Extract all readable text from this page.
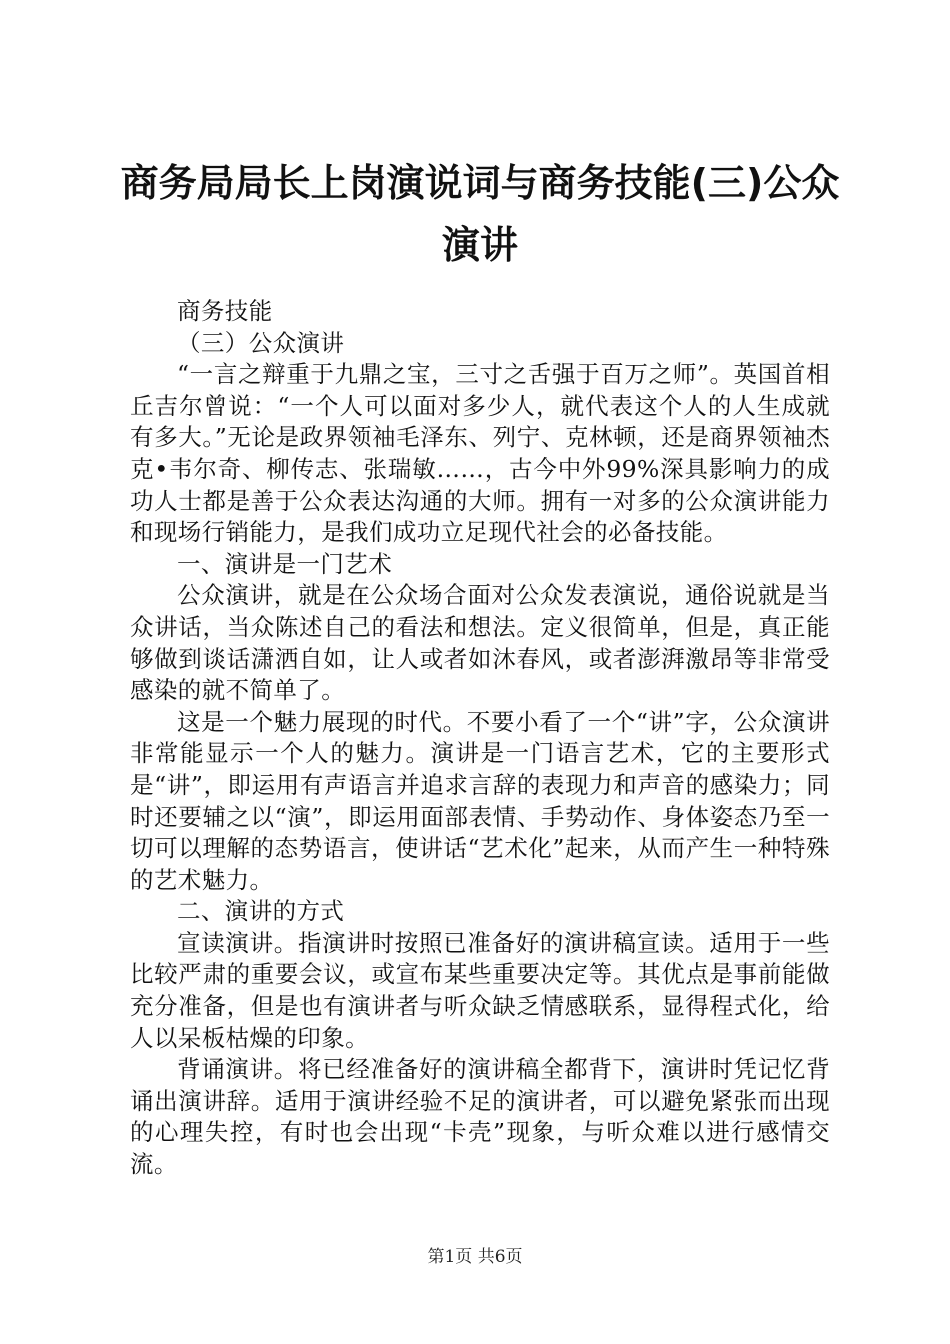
商务局局长上岗演说词与商务技能(三)公众演讲

商务技能

（三）公众演讲

“一言之辩重于九鼎之宝，三寸之舌强于百万之师”。英国首相丘吉尔曾说：“一个人可以面对多少人，就代表这个人的人生成就有多大。”无论是政界领袖毛泽东、列宁、克林顿，还是商界领袖杰克•韦尔奇、柳传志、张瑞敏……，古今中外99%深具影响力的成功人士都是善于公众表达沟通的大师。拥有一对多的公众演讲能力和现场行销能力，是我们成功立足现代社会的必备技能。

一、演讲是一门艺术

公众演讲，就是在公众场合面对公众发表演说，通俗说就是当众讲话，当众陈述自己的看法和想法。定义很简单，但是，真正能够做到谈话潇洒自如，让人或者如沐春风，或者澎湃激昂等非常受感染的就不简单了。

这是一个魅力展现的时代。不要小看了一个“讲”字，公众演讲非常能显示一个人的魅力。演讲是一门语言艺术，它的主要形式是“讲”，即运用有声语言并追求言辞的表现力和声音的感染力；同时还要辅之以“演”，即运用面部表情、手势动作、身体姿态乃至一切可以理解的态势语言，使讲话“艺术化”起来，从而产生一种特殊的艺术魅力。

二、演讲的方式

宣读演讲。指演讲时按照已准备好的演讲稿宣读。适用于一些比较严肃的重要会议，或宣布某些重要决定等。其优点是事前能做充分准备，但是也有演讲者与听众缺乏情感联系，显得程式化，给人以呆板枯燥的印象。

背诵演讲。将已经准备好的演讲稿全都背下，演讲时凭记忆背诵出演讲辞。适用于演讲经验不足的演讲者，可以避免紧张而出现的心理失控，有时也会出现“卡壳”现象，与听众难以进行感情交流。

第1页 共6页
